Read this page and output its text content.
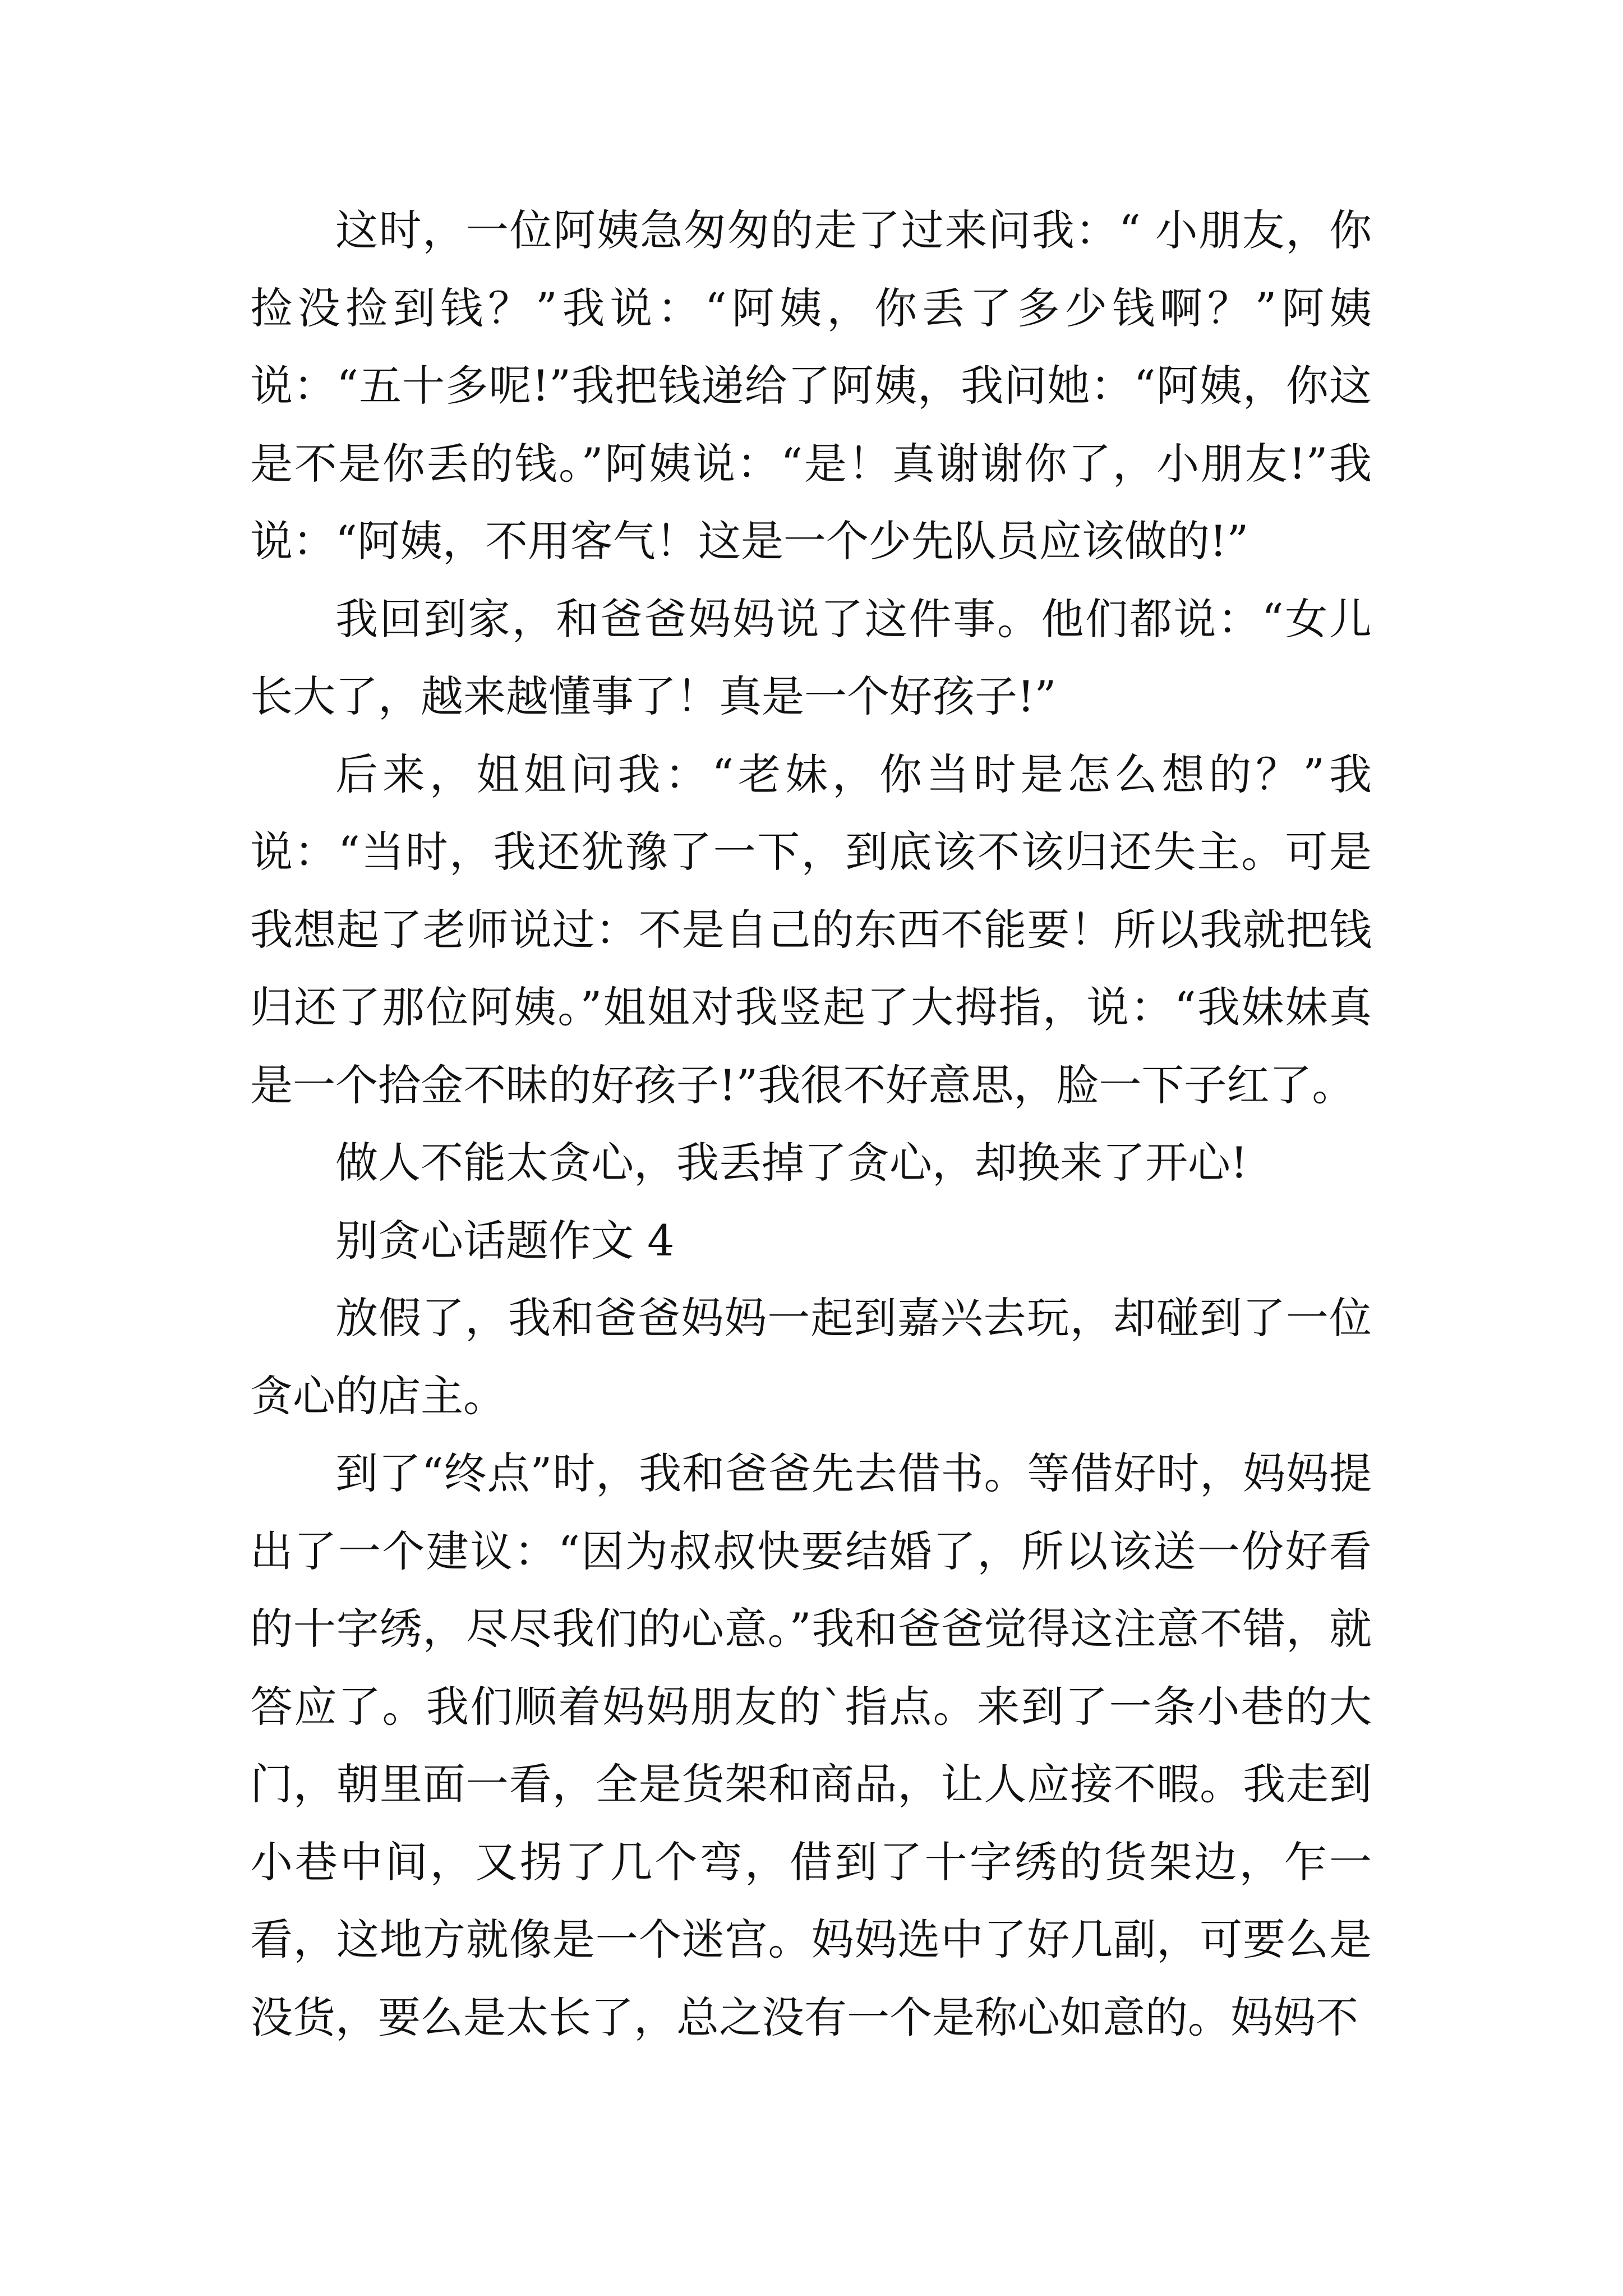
这时，一位阿姨急匆匆的走了过来问我：“ 小朋友，你捡没捡到钱？”我说：“阿姨，你丢了多少钱啊？”阿姨说：“五十多呢!”我把钱递给了阿姨，我问她：“阿姨，你这是不是你丢的钱。”阿姨说：“是！真谢谢你了，小朋友!”我说：“阿姨，不用客气！这是一个少先队员应该做的!”

我回到家，和爸爸妈妈说了这件事。他们都说：“女儿长大了，越来越懂事了！真是一个好孩子!”

后来，姐姐问我：“老妹，你当时是怎么想的？”我说：“当时，我还犹豫了一下，到底该不该归还失主。可是我想起了老师说过：不是自己的东西不能要！所以我就把钱归还了那位阿姨。”姐姐对我竖起了大拇指，说：“我妹妹真是一个拾金不昧的好孩子!”我很不好意思，脸一下子红了。

做人不能太贪心，我丢掉了贪心，却换来了开心!

别贪心话题作文 4

放假了，我和爸爸妈妈一起到嘉兴去玩，却碰到了一位贪心的店主。

到了“终点”时，我和爸爸先去借书。等借好时，妈妈提出了一个建议：“因为叔叔快要结婚了，所以该送一份好看的十字绣，尽尽我们的心意。”我和爸爸觉得这注意不错，就答应了。我们顺着妈妈朋友的`指点。来到了一条小巷的大门，朝里面一看，全是货架和商品，让人应接不暇。我走到小巷中间，又拐了几个弯，借到了十字绣的货架边，乍一看，这地方就像是一个迷宫。妈妈选中了好几副，可要么是没货，要么是太长了，总之没有一个是称心如意的。妈妈不
